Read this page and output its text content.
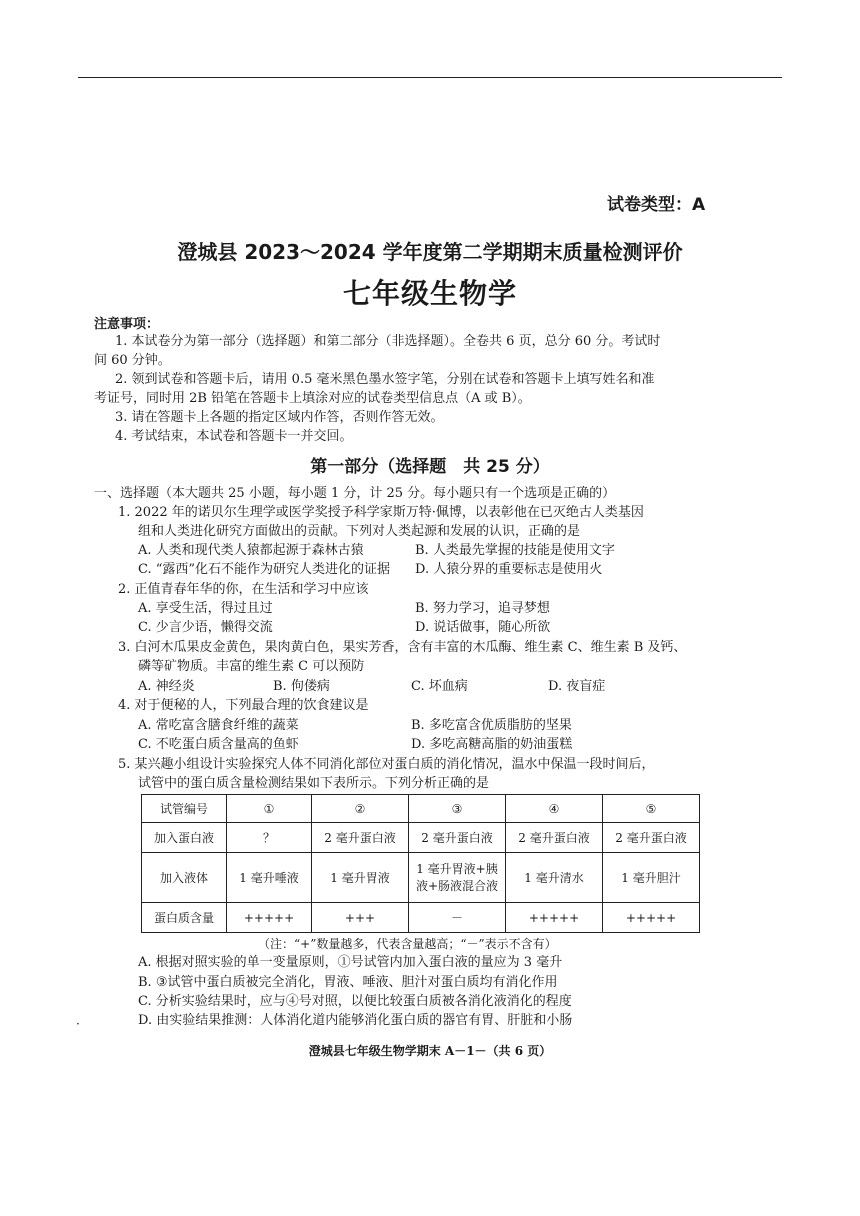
试卷类型：A
澄城县 2023～2024 学年度第二学期期末质量检测评价
七年级生物学
注意事项：
1. 本试卷分为第一部分（选择题）和第二部分（非选择题）。全卷共 6 页，总分 60 分。考试时
间 60 分钟。
2. 领到试卷和答题卡后，请用 0.5 毫米黑色墨水签字笔，分别在试卷和答题卡上填写姓名和准
考证号，同时用 2B 铅笔在答题卡上填涂对应的试卷类型信息点（A 或 B）。
3. 请在答题卡上各题的指定区域内作答，否则作答无效。
4. 考试结束，本试卷和答题卡一并交回。
第一部分（选择题　共 25 分）
一、选择题（本大题共 25 小题，每小题 1 分，计 25 分。每小题只有一个选项是正确的）
1. 2022 年的诺贝尔生理学或医学奖授予科学家斯万特·佩博，以表彰他在已灭绝古人类基因
组和人类进化研究方面做出的贡献。下列对人类起源和发展的认识，正确的是
A. 人类和现代类人猿都起源于森林古猿	B. 人类最先掌握的技能是使用文字
C. “露西”化石不能作为研究人类进化的证据 D. 人猿分界的重要标志是使用火
2. 正值青春年华的你，在生活和学习中应该
A. 享受生活，得过且过	B. 努力学习，追寻梦想
C. 少言少语，懒得交流	D. 说话做事，随心所欲
3. 白河木瓜果皮金黄色，果肉黄白色，果实芳香，含有丰富的木瓜酶、维生素 C、维生素 B 及钙、
磷等矿物质。丰富的维生素 C 可以预防
A. 神经炎	B. 佝偻病	C. 坏血病	D. 夜盲症
4. 对于便秘的人，下列最合理的饮食建议是
A. 常吃富含膳食纤维的蔬菜	B. 多吃富含优质脂肪的坚果
C. 不吃蛋白质含量高的鱼虾	D. 多吃高糖高脂的奶油蛋糕
5. 某兴趣小组设计实验探究人体不同消化部位对蛋白质的消化情况，温水中保温一段时间后，
试管中的蛋白质含量检测结果如下表所示。下列分析正确的是
试管编号	①	②	③	④	⑤
加入蛋白液	？	2 毫升蛋白液	2 毫升蛋白液	2 毫升蛋白液	2 毫升蛋白液
加入液体	1 毫升唾液	1 毫升胃液	1 毫升胃液+胰
液+肠液混合液	1 毫升清水	1 毫升胆汁
蛋白质含量	+++++	+++	－	+++++	+++++
（注：“+”数量越多，代表含量越高；“－”表示不含有）
A. 根据对照实验的单一变量原则，①号试管内加入蛋白液的量应为 3 毫升
B. ③试管中蛋白质被完全消化，胃液、唾液、胆汁对蛋白质均有消化作用
C. 分析实验结果时，应与④号对照，以便比较蛋白质被各消化液消化的程度
D. 由实验结果推测：人体消化道内能够消化蛋白质的器官有胃、肝脏和小肠
·
澄城县七年级生物学期末 A－1－（共 6 页）
